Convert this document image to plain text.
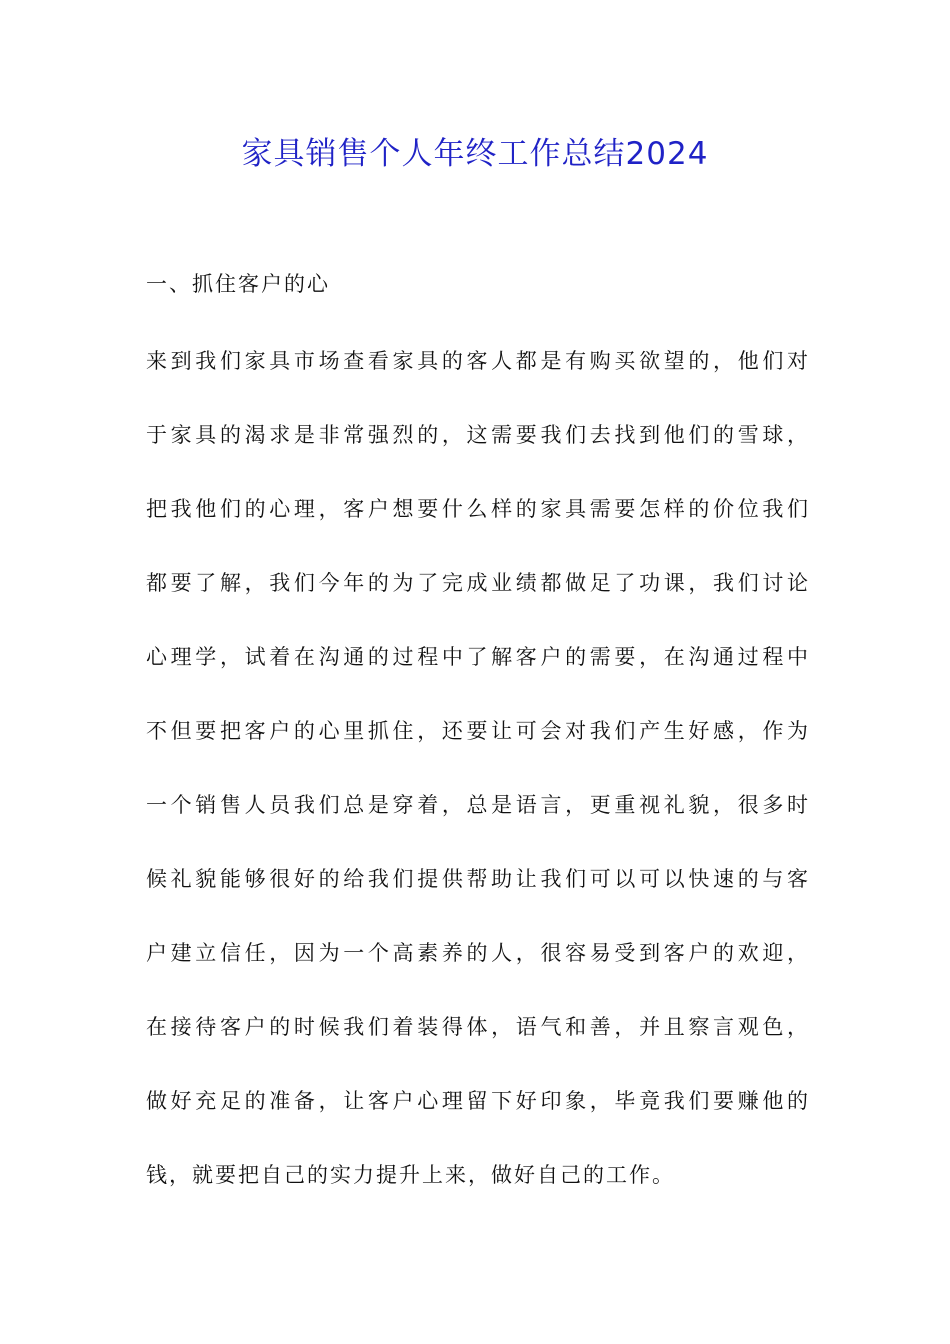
家具销售个人年终工作总结2024
一、抓住客户的心
来到我们家具市场查看家具的客人都是有购买欲望的，他们对
于家具的渴求是非常强烈的，这需要我们去找到他们的雪球，
把我他们的心理，客户想要什么样的家具需要怎样的价位我们
都要了解，我们今年的为了完成业绩都做足了功课，我们讨论
心理学，试着在沟通的过程中了解客户的需要，在沟通过程中
不但要把客户的心里抓住，还要让可会对我们产生好感，作为
一个销售人员我们总是穿着，总是语言，更重视礼貌，很多时
候礼貌能够很好的给我们提供帮助让我们可以可以快速的与客
户建立信任，因为一个高素养的人，很容易受到客户的欢迎，
在接待客户的时候我们着装得体，语气和善，并且察言观色，
做好充足的准备，让客户心理留下好印象，毕竟我们要赚他的
钱，就要把自己的实力提升上来，做好自己的工作。
